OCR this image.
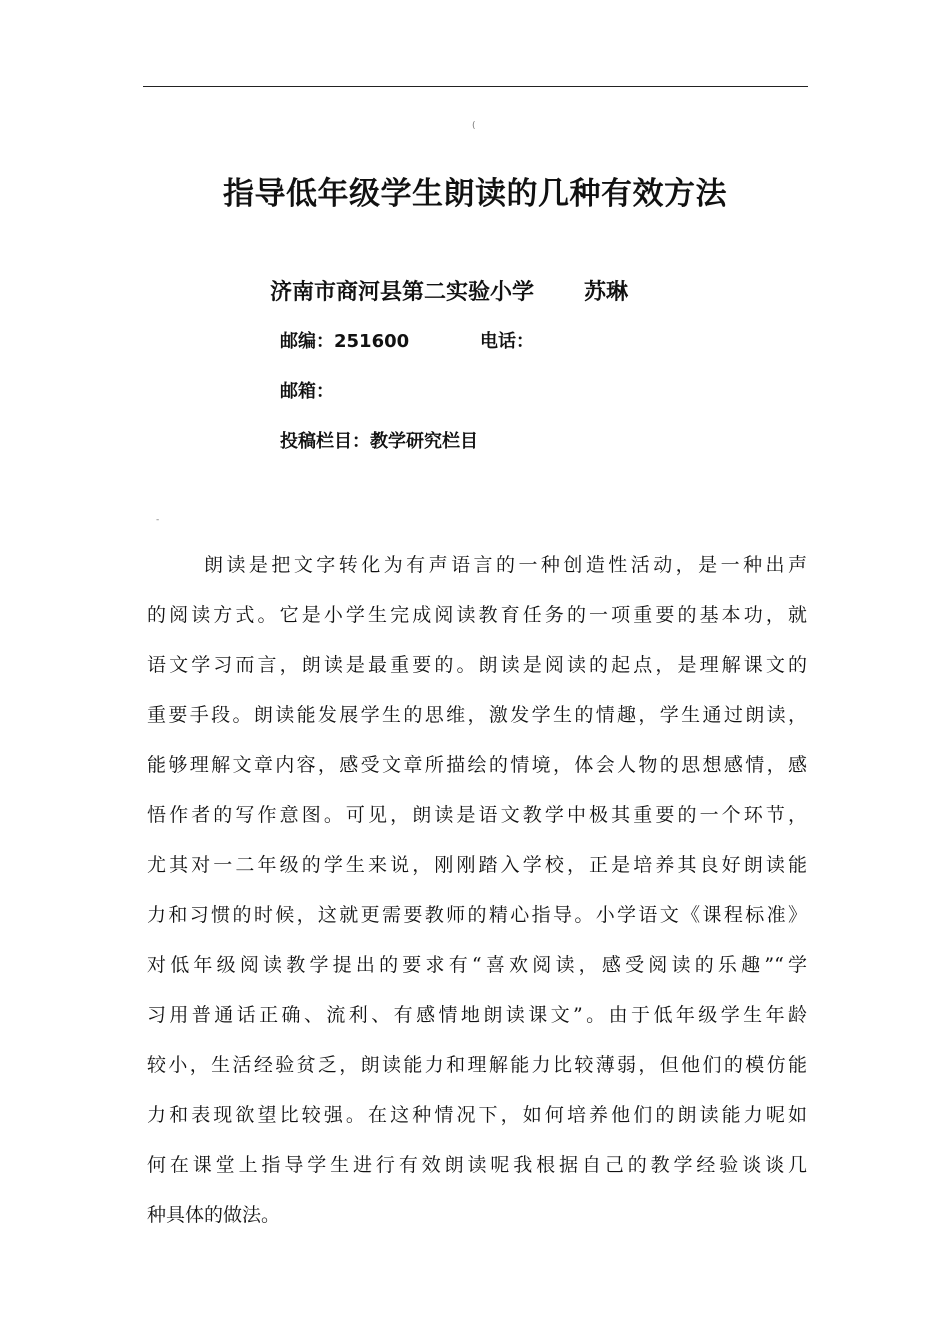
(
指导低年级学生朗读的几种有效方法
济南市商河县第二实验小学 苏琳
邮编：251600	电话：
邮箱：
投稿栏目：教学研究栏目
-
朗读是把文字转化为有声语言的一种创造性活动，是一种出声
的阅读方式。它是小学生完成阅读教育任务的一项重要的基本功，就
语文学习而言，朗读是最重要的。朗读是阅读的起点，是理解课文的
重要手段。朗读能发展学生的思维，激发学生的情趣，学生通过朗读，
能够理解文章内容，感受文章所描绘的情境，体会人物的思想感情，感
悟作者的写作意图。可见，朗读是语文教学中极其重要的一个环节，
尤其对一二年级的学生来说，刚刚踏入学校，正是培养其良好朗读能
力和习惯的时候，这就更需要教师的精心指导。小学语文《课程标准》
对低年级阅读教学提出的要求有“喜欢阅读，感受阅读的乐趣”“学
习用普通话正确、流利、有感情地朗读课文”。由于低年级学生年龄
较小，生活经验贫乏，朗读能力和理解能力比较薄弱，但他们的模仿能
力和表现欲望比较强。在这种情况下，如何培养他们的朗读能力呢如
何在课堂上指导学生进行有效朗读呢我根据自己的教学经验谈谈几
种具体的做法。
